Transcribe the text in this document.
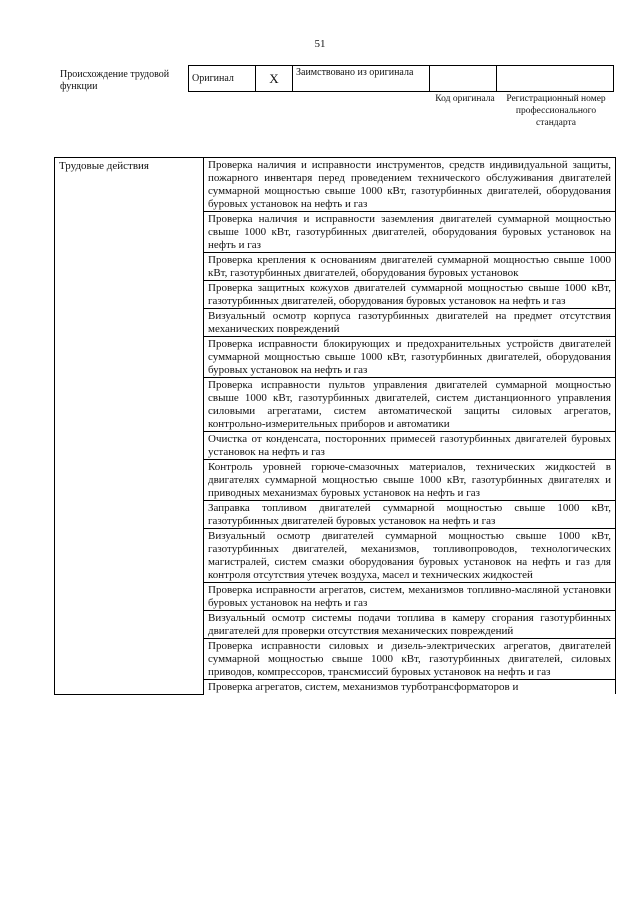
51
Происхождение трудовой функции
Оригинал	X	Заимствовано из оригинала		
Код оригинала	Регистрационный номер профессионального стандарта
Трудовые действия	Проверка наличия и исправности инструментов, средств индивидуальной защиты, пожарного инвентаря перед проведением технического обслуживания двигателей суммарной мощностью свыше 1000 кВт, газотурбинных двигателей, оборудования буровых установок на нефть и газ
Проверка наличия и исправности заземления двигателей суммарной мощностью свыше 1000 кВт, газотурбинных двигателей, оборудования буровых установок на нефть и газ
Проверка крепления к основаниям двигателей суммарной мощностью свыше 1000 кВт, газотурбинных двигателей, оборудования буровых установок
Проверка защитных кожухов двигателей суммарной мощностью свыше 1000 кВт, газотурбинных двигателей, оборудования буровых установок на нефть и газ
Визуальный осмотр корпуса газотурбинных двигателей на предмет отсутствия механических повреждений
Проверка исправности блокирующих и предохранительных устройств двигателей суммарной мощностью свыше 1000 кВт, газотурбинных двигателей, оборудования буровых установок на нефть и газ
Проверка исправности пультов управления двигателей суммарной мощностью свыше 1000 кВт, газотурбинных двигателей, систем дистанционного управления силовыми агрегатами, систем автоматической защиты силовых агрегатов, контрольно-измерительных приборов и автоматики
Очистка от конденсата, посторонних примесей газотурбинных двигателей буровых установок на нефть и газ
Контроль уровней горюче-смазочных материалов, технических жидкостей в двигателях суммарной мощностью свыше 1000 кВт, газотурбинных двигателях и приводных механизмах буровых установок на нефть и газ
Заправка топливом двигателей суммарной мощностью свыше 1000 кВт, газотурбинных двигателей буровых установок на нефть и газ
Визуальный осмотр двигателей суммарной мощностью свыше 1000 кВт, газотурбинных двигателей, механизмов, топливопроводов, технологических магистралей, систем смазки оборудования буровых установок на нефть и газ для контроля отсутствия утечек воздуха, масел и технических жидкостей
Проверка исправности агрегатов, систем, механизмов топливно-масляной установки буровых установок на нефть и газ
Визуальный осмотр системы подачи топлива в камеру сгорания газотурбинных двигателей для проверки отсутствия механических повреждений
Проверка исправности силовых и дизель-электрических агрегатов, двигателей суммарной мощностью свыше 1000 кВт, газотурбинных двигателей, силовых приводов, компрессоров, трансмиссий буровых установок на нефть и газ
Проверка агрегатов, систем, механизмов турботрансформаторов и
